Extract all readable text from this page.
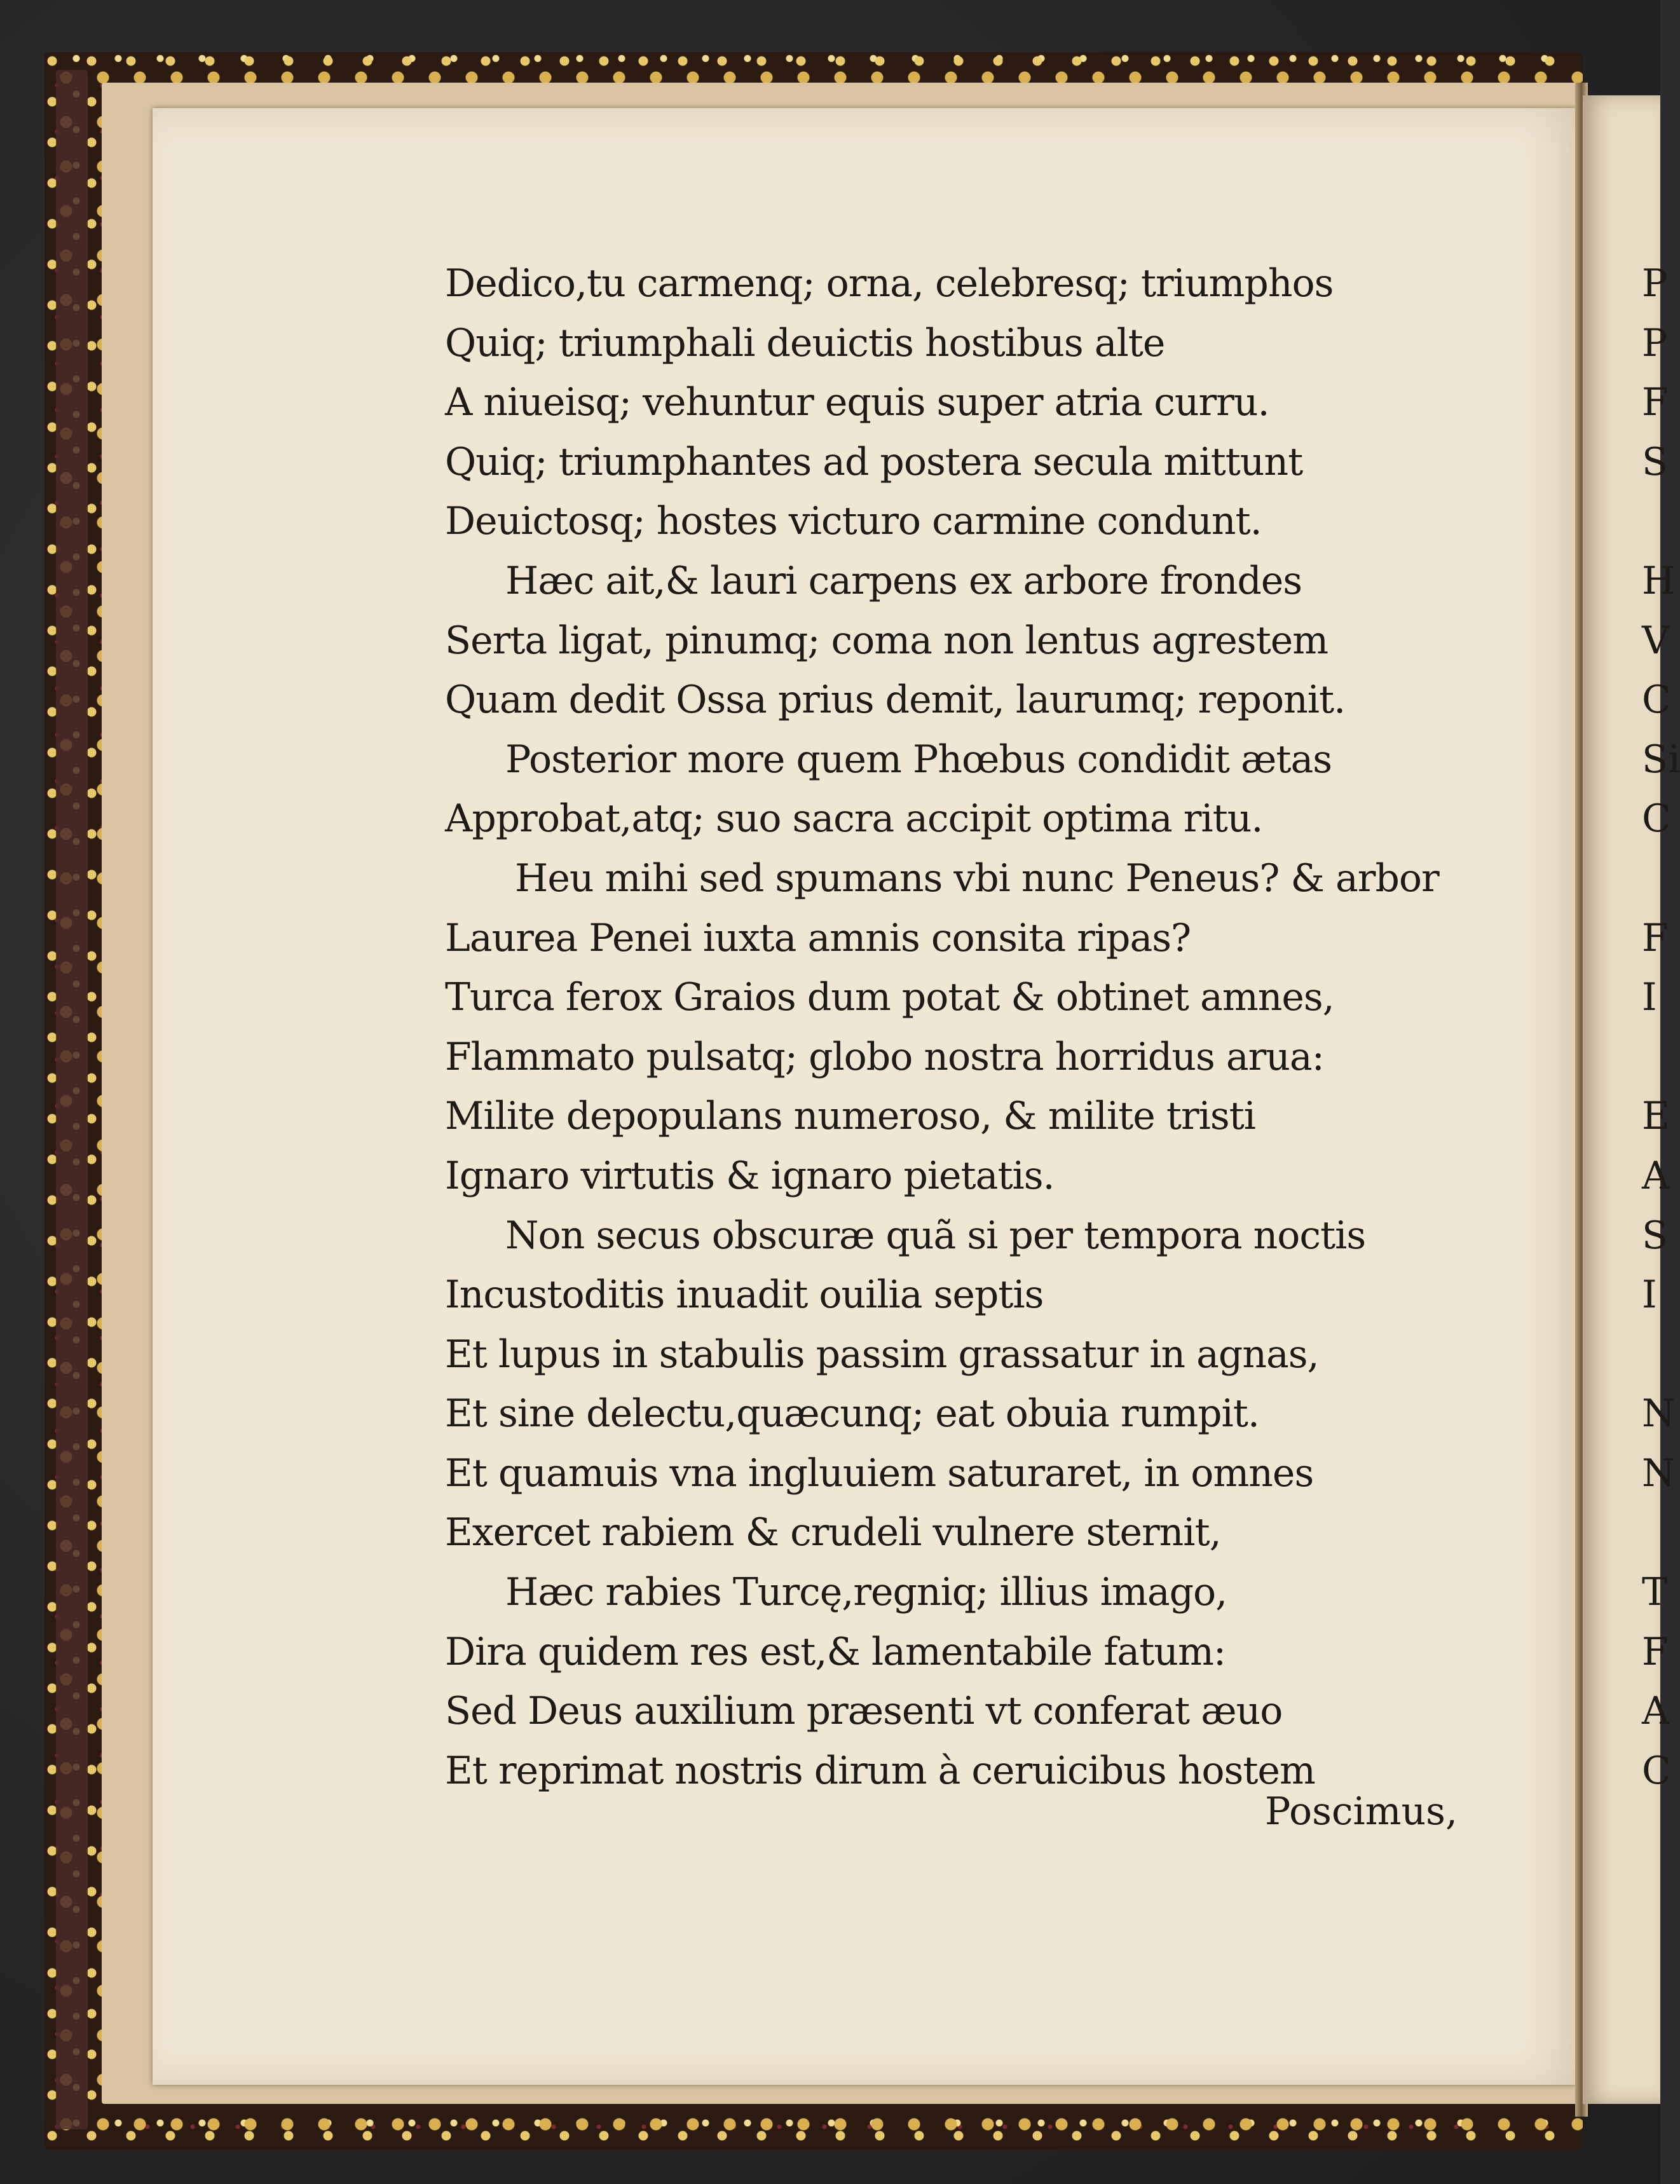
Dedico,tu carmenq; orna, celebresq; triumphos
Quiq; triumphali deuictis hostibus alte
A niueisq; vehuntur equis super atria curru.
Quiq; triumphantes ad postera secula mittunt
Deuictosq; hostes victuro carmine condunt.
Hæc ait,& lauri carpens ex arbore frondes
Serta ligat, pinumq; coma non lentus agrestem
Quam dedit Ossa prius demit, laurumq; reponit.
Posterior more quem Phœbus condidit ætas
Approbat,atq; suo sacra accipit optima ritu.
Heu mihi sed spumans vbi nunc Peneus? & arbor
Laurea Penei iuxta amnis consita ripas?
Turca ferox Graios dum potat & obtinet amnes,
Flammato pulsatq; globo nostra horridus arua:
Milite depopulans numeroso, & milite tristi
Ignaro virtutis & ignaro pietatis.
Non secus obscuræ quã si per tempora noctis
Incustoditis inuadit ouilia septis
Et lupus in stabulis passim grassatur in agnas,
Et sine delectu,quæcunq; eat obuia rumpit.
Et quamuis vna ingluuiem saturaret, in omnes
Exercet rabiem & crudeli vulnere sternit,
Hæc rabies Turcę,regniq; illius imago,
Dira quidem res est,& lamentabile fatum:
Sed Deus auxilium præsenti vt conferat æuo
Et reprimat nostris dirum à ceruicibus hostem
Poscimus,
P
P
F
S
H
V
C
Si
C
F
I
E
A
S
I
N
N
T
F
A
C
